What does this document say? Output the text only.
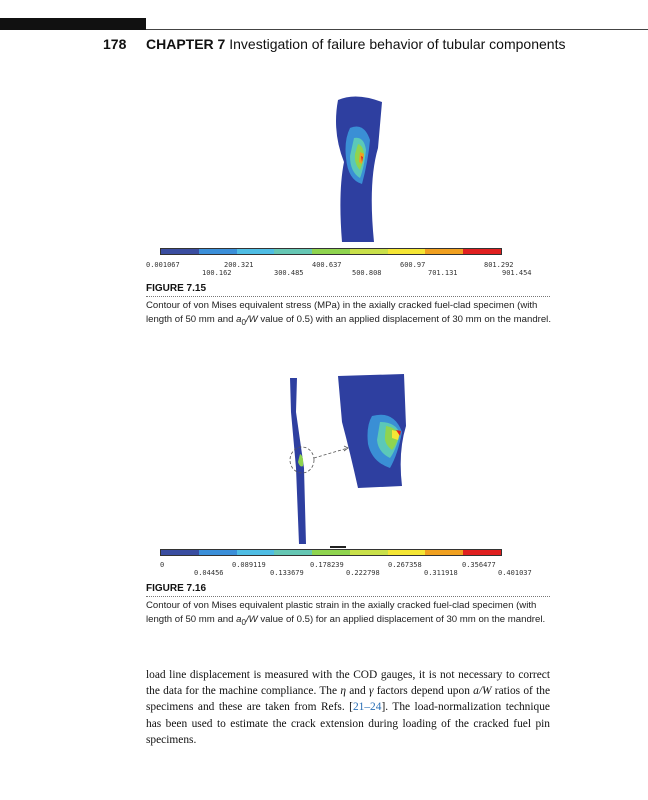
178 CHAPTER 7 Investigation of failure behavior of tubular components
0.001067	200.321	400.637	600.97	801.292
100.162	300.485	500.808	701.131	901.454
FIGURE 7.15
Contour of von Mises equivalent stress (MPa) in the axially cracked fuel-clad specimen (with length of 50 mm and $a_0/W$ value of 0.5) with an applied displacement of 30 mm on the mandrel.
0	0.089119	0.178239	0.267358	0.356477
0.04456	0.133679	0.222798	0.311918	0.401037
FIGURE 7.16
Contour of von Mises equivalent plastic strain in the axially cracked fuel-clad specimen (with length of 50 mm and $a_0/W$ value of 0.5) for an applied displacement of 30 mm on the mandrel.
load line displacement is measured with the COD gauges, it is not necessary to correct the data for the machine compliance. The η and γ factors depend upon a/W ratios of the specimens and these are taken from Refs. [21–24]. The load-normalization technique has been used to estimate the crack extension during loading of the cracked fuel pin specimens.
